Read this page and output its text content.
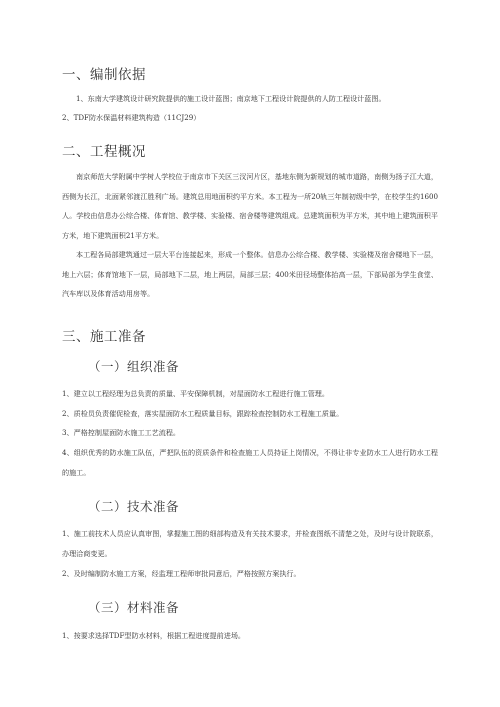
一、编制依据
1、东南大学建筑设计研究院提供的施工设计蓝图；南京地下工程设计院提供的人防工程设计蓝图。
2、TDF防水保温材料建筑构造（11CJ29）
二、工程概况
南京师范大学附属中学树人学校位于南京市下关区三汊河片区，基地东侧为新规划的城市道路，南侧为扬子江大道，西侧为长江，北面紧邻渡江胜利广场。建筑总用地面积约平方米。本工程为一所20轨三年制初级中学，在校学生约1600人。学校由信息办公综合楼、体育馆、教学楼、实验楼、宿舍楼等建筑组成。总建筑面积为平方米，其中地上建筑面积平方米，地下建筑面积21平方米。
本工程各局部建筑通过一层大平台连接起来，形成一个整体。信息办公综合楼、教学楼、实验楼及宿舍楼地下一层，地上六层；体育馆地下一层，局部地下二层，地上两层，局部三层；400米田径场整体抬高一层，下部局部为学生食堂、汽车库以及体育活动用房等。
三、施工准备
（一）组织准备
1、建立以工程经理为总负责的质量、平安保障机制，对屋面防水工程进行施工管理。
2、质检员负责催促检查，落实屋面防水工程质量目标，跟踪检查控制防水工程施工质量。
3、严格控制屋面防水施工工艺流程。
4、组织优秀的防水施工队伍，严把队伍的资质条件和检查施工人员持证上岗情况，不得让非专业防水工人进行防水工程的施工。
（二）技术准备
1、施工前技术人员应认真审图，掌握施工图的细部构造及有关技术要求，并检查图纸不清楚之处，及时与设计院联系，办理洽商变更。
2、及时编制防水施工方案，经监理工程师审批同意后，严格按照方案执行。
（三）材料准备
1、按要求选择TDF型防水材料，根据工程进度提前进场。
